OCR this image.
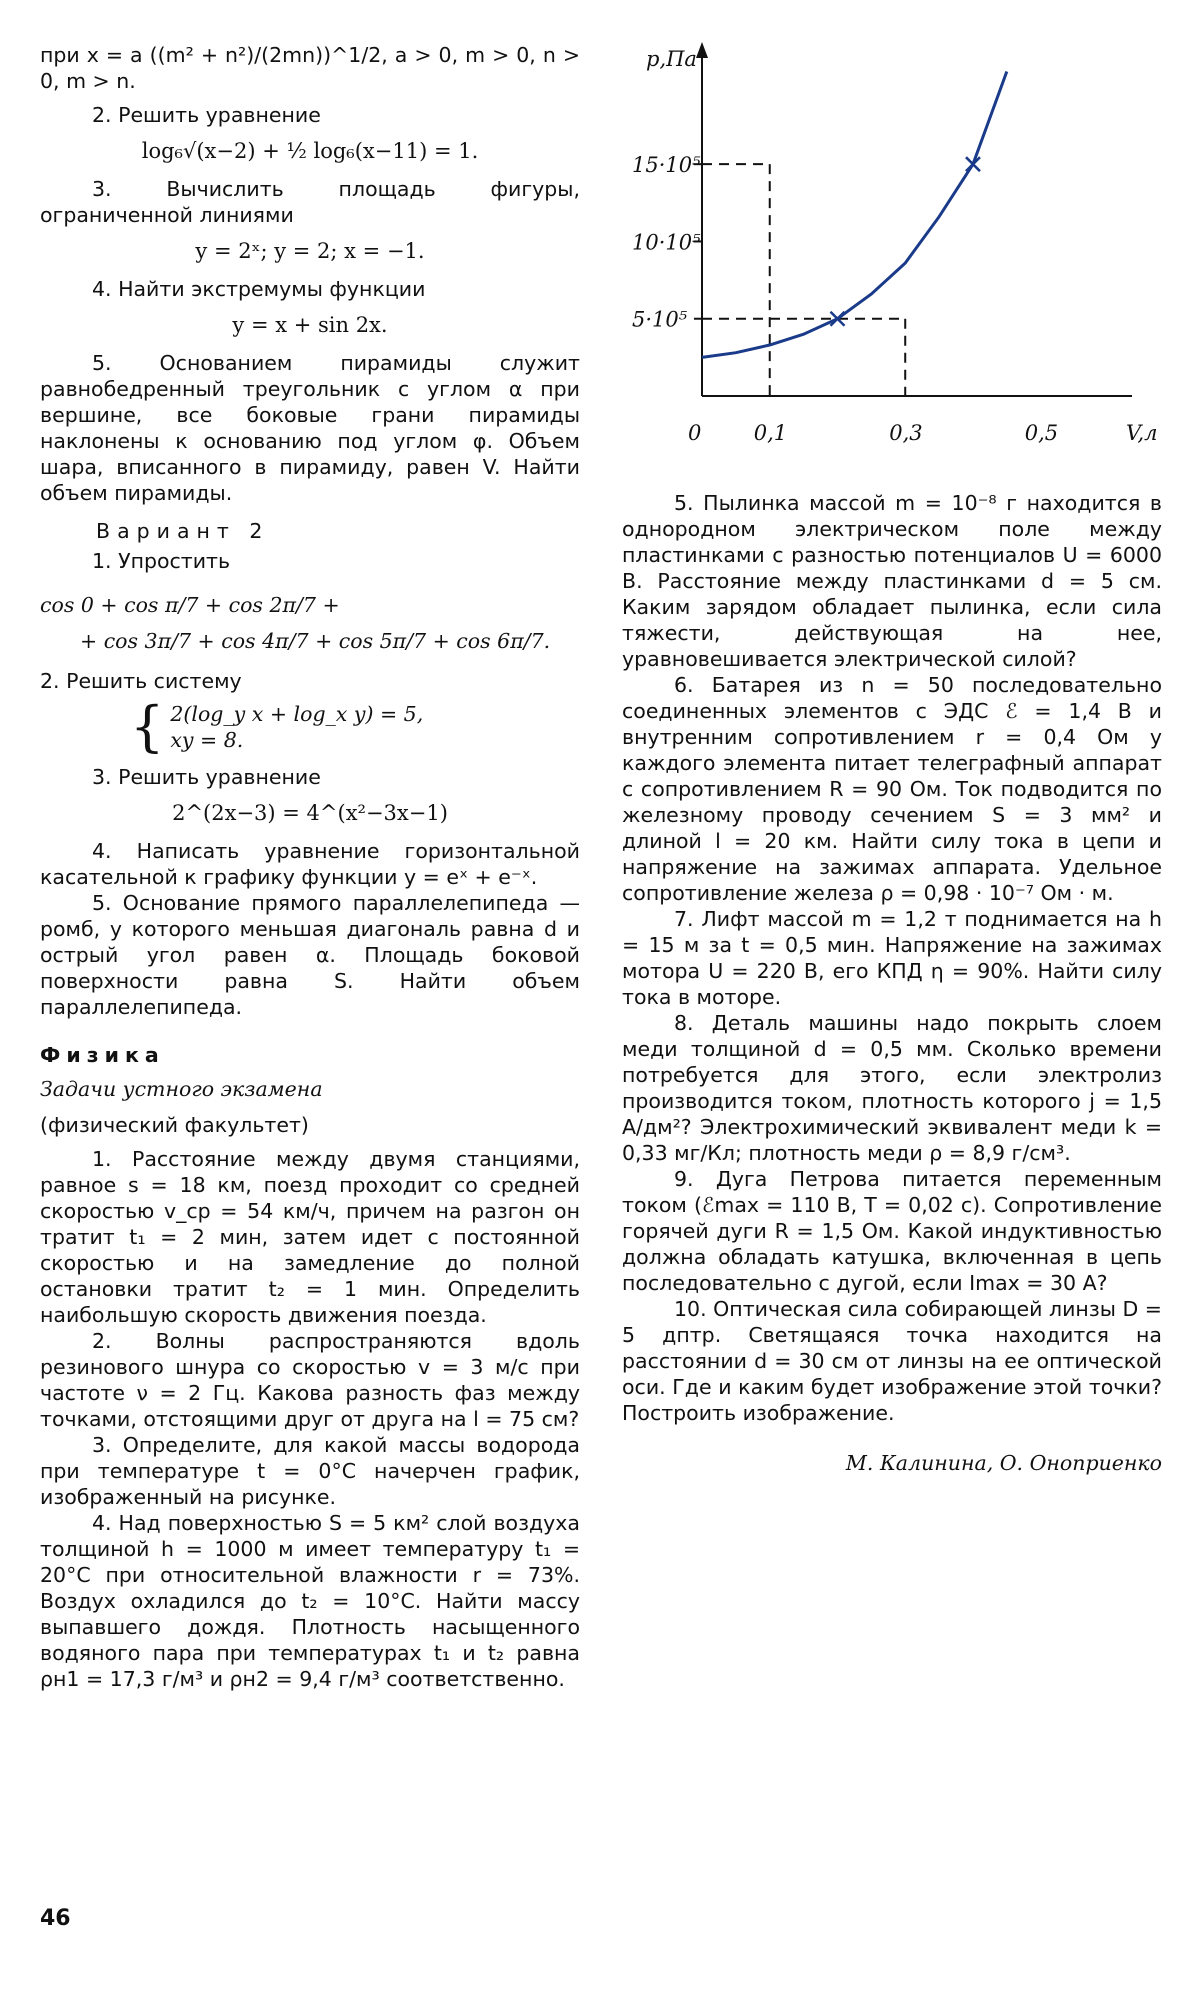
при x = a ((m² + n²)/(2mn))^1/2, a > 0, m > 0, n > 0, m > n.

2. Решить уравнение

log₆√(x−2) + ½ log₆(x−11) = 1.

3. Вычислить площадь фигуры, ограниченной линиями

y = 2ˣ; y = 2; x = −1.

4. Найти экстремумы функции

y = x + sin 2x.

5. Основанием пирамиды служит равнобедренный треугольник с углом α при вершине, все боковые грани пирамиды наклонены к основанию под углом φ. Объем шара, вписанного в пирамиду, равен V. Найти объем пирамиды.

Вариант 2

1. Упростить

cos 0 + cos π/7 + cos 2π/7 +

+ cos 3π/7 + cos 4π/7 + cos 5π/7 + cos 6π/7.

2. Решить систему

{ 2(log_y x + log_x y) = 5,
xy = 8.

3. Решить уравнение

2^(2x−3) = 4^(x²−3x−1)

4. Написать уравнение горизонтальной касательной к графику функции y = eˣ + e⁻ˣ.

5. Основание прямого параллелепипеда — ромб, у которого меньшая диагональ равна d и острый угол равен α. Площадь боковой поверхности равна S. Найти объем параллелепипеда.

Физика

Задачи устного экзамена

(физический факультет)

1. Расстояние между двумя станциями, равное s = 18 км, поезд проходит со средней скоростью v_ср = 54 км/ч, причем на разгон он тратит t₁ = 2 мин, затем идет с постоянной скоростью и на замедление до полной остановки тратит t₂ = 1 мин. Определить наибольшую скорость движения поезда.

2. Волны распространяются вдоль резинового шнура со скоростью v = 3 м/с при частоте ν = 2 Гц. Какова разность фаз между точками, отстоящими друг от друга на l = 75 см?

3. Определите, для какой массы водорода при температуре t = 0°C начерчен график, изображенный на рисунке.

4. Над поверхностью S = 5 км² слой воздуха толщиной h = 1000 м имеет температуру t₁ = 20°C при относительной влажности r = 73%. Воздух охладился до t₂ = 10°C. Найти массу выпавшего дождя. Плотность насыщенного водяного пара при температурах t₁ и t₂ равна ρн1 = 17,3 г/м³ и ρн2 = 9,4 г/м³ соответственно.

p,Па
V,л
0 0,1	0,3	0,5
5·10⁵
10·10⁵
15·10⁵

5. Пылинка массой m = 10⁻⁸ г находится в однородном электрическом поле между пластинками с разностью потенциалов U = 6000 В. Расстояние между пластинками d = 5 см. Каким зарядом обладает пылинка, если сила тяжести, действующая на нее, уравновешивается электрической силой?

6. Батарея из n = 50 последовательно соединенных элементов с ЭДС ℰ = 1,4 В и внутренним сопротивлением r = 0,4 Ом у каждого элемента питает телеграфный аппарат с сопротивлением R = 90 Ом. Ток подводится по железному проводу сечением S = 3 мм² и длиной l = 20 км. Найти силу тока в цепи и напряжение на зажимах аппарата. Удельное сопротивление железа ρ = 0,98 · 10⁻⁷ Ом · м.

7. Лифт массой m = 1,2 т поднимается на h = 15 м за t = 0,5 мин. Напряжение на зажимах мотора U = 220 В, его КПД η = 90%. Найти силу тока в моторе.

8. Деталь машины надо покрыть слоем меди толщиной d = 0,5 мм. Сколько времени потребуется для этого, если электролиз производится током, плотность которого j = 1,5 А/дм²? Электрохимический эквивалент меди k = 0,33 мг/Кл; плотность меди ρ = 8,9 г/см³.

9. Дуга Петрова питается переменным током (ℰmax = 110 В, T = 0,02 с). Сопротивление горячей дуги R = 1,5 Ом. Какой индуктивностью должна обладать катушка, включенная в цепь последовательно с дугой, если Imax = 30 А?

10. Оптическая сила собирающей линзы D = 5 дптр. Светящаяся точка находится на расстоянии d = 30 см от линзы на ее оптической оси. Где и каким будет изображение этой точки? Построить изображение.

М. Калинина, О. Оноприенко

46
